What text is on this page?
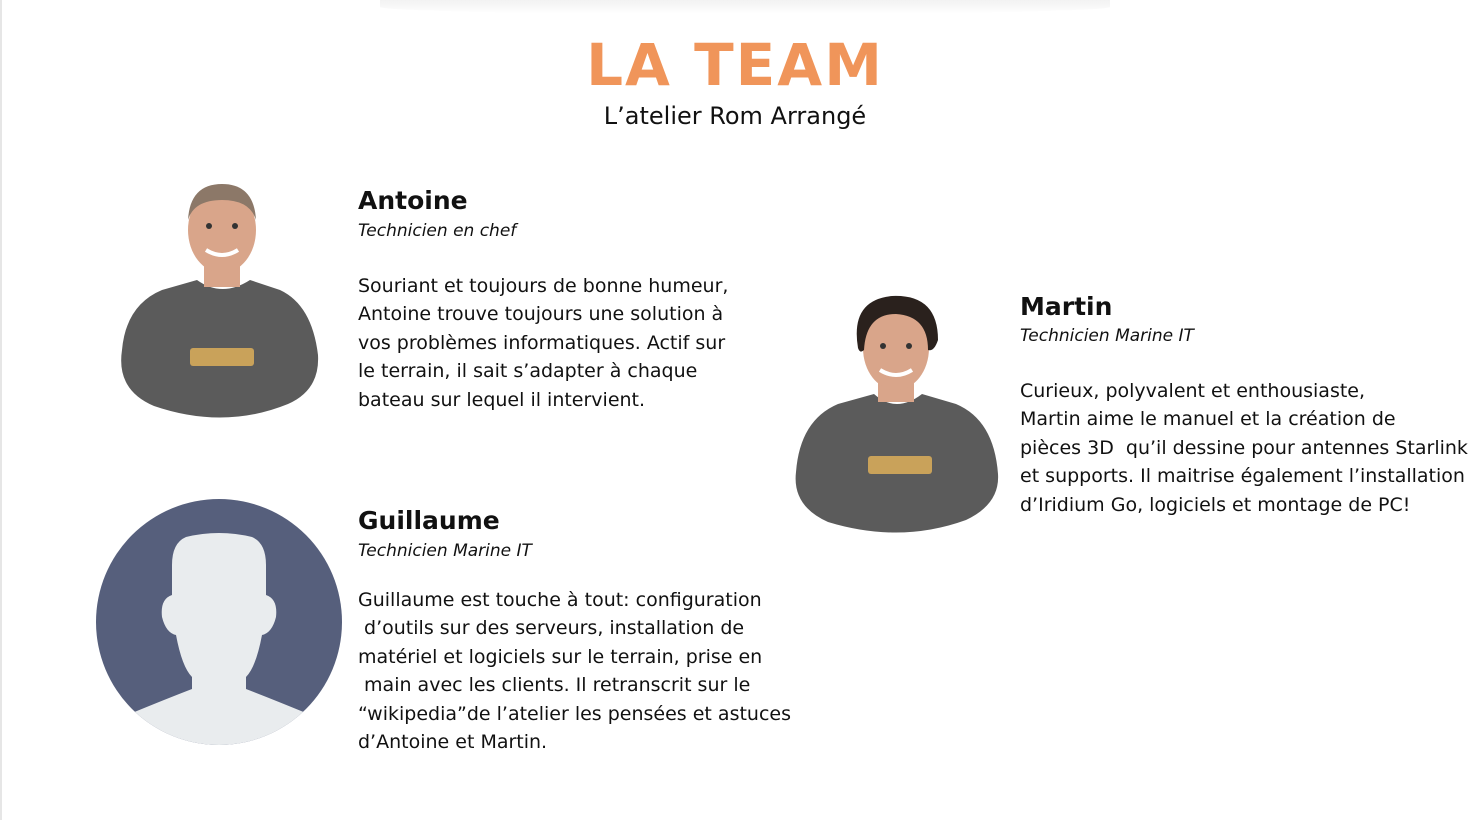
LA TEAM
L’atelier Rom Arrangé
Antoine
Technicien en chef
Souriant et toujours de bonne humeur,
Antoine trouve toujours une solution à
vos problèmes informatiques. Actif sur
le terrain, il sait s’adapter à chaque
bateau sur lequel il intervient.
Martin
Technicien Marine IT
Curieux, polyvalent et enthousiaste,
Martin aime le manuel et la création de
pièces 3D  qu’il dessine pour antennes Starlink
et supports. Il maitrise également l’installation
d’Iridium Go, logiciels et montage de PC!
Guillaume
Technicien Marine IT
Guillaume est touche à tout: configuration
d’outils sur des serveurs, installation de
matériel et logiciels sur le terrain, prise en
main avec les clients. Il retranscrit sur le
“wikipedia”de l’atelier les pensées et astuces
d’Antoine et Martin.
